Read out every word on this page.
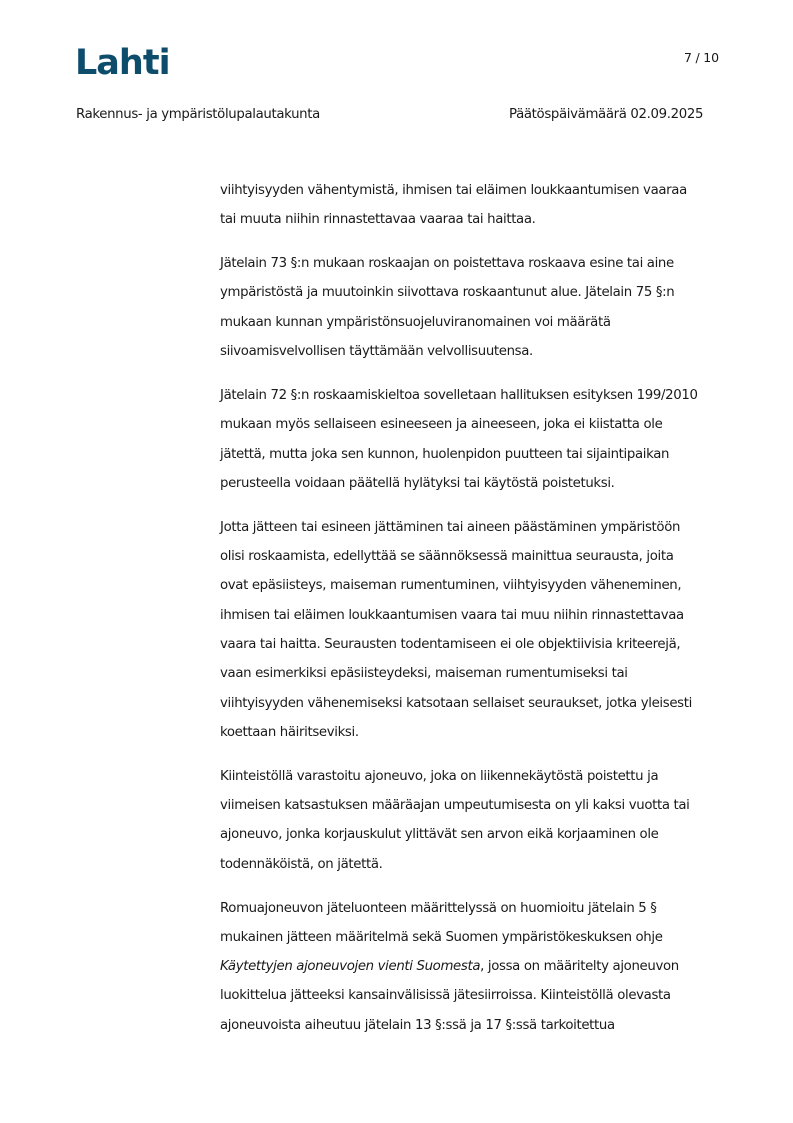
Lahti	7 / 10
Rakennus- ja ympäristölupalautakunta	Päätöspäivämäärä 02.09.2025

viihtyisyyden vähentymistä, ihmisen tai eläimen loukkaantumisen vaaraa
tai muuta niihin rinnastettavaa vaaraa tai haittaa.

Jätelain 73 §:n mukaan roskaajan on poistettava roskaava esine tai aine
ympäristöstä ja muutoinkin siivottava roskaantunut alue. Jätelain 75 §:n
mukaan kunnan ympäristönsuojeluviranomainen voi määrätä
siivoamisvelvollisen täyttämään velvollisuutensa.

Jätelain 72 §:n roskaamiskieltoa sovelletaan hallituksen esityksen 199/2010
mukaan myös sellaiseen esineeseen ja aineeseen, joka ei kiistatta ole
jätettä, mutta joka sen kunnon, huolenpidon puutteen tai sijaintipaikan
perusteella voidaan päätellä hylätyksi tai käytöstä poistetuksi.

Jotta jätteen tai esineen jättäminen tai aineen päästäminen ympäristöön
olisi roskaamista, edellyttää se säännöksessä mainittua seurausta, joita
ovat epäsiisteys, maiseman rumentuminen, viihtyisyyden väheneminen,
ihmisen tai eläimen loukkaantumisen vaara tai muu niihin rinnastettavaa
vaara tai haitta. Seurausten todentamiseen ei ole objektiivisia kriteerejä,
vaan esimerkiksi epäsiisteydeksi, maiseman rumentumiseksi tai
viihtyisyyden vähenemiseksi katsotaan sellaiset seuraukset, jotka yleisesti
koettaan häiritseviksi.

Kiinteistöllä varastoitu ajoneuvo, joka on liikennekäytöstä poistettu ja
viimeisen katsastuksen määräajan umpeutumisesta on yli kaksi vuotta tai
ajoneuvo, jonka korjauskulut ylittävät sen arvon eikä korjaaminen ole
todennäköistä, on jätettä.

Romuajoneuvon jäteluonteen määrittelyssä on huomioitu jätelain 5 §
mukainen jätteen määritelmä sekä Suomen ympäristökeskuksen ohje
Käytettyjen ajoneuvojen vienti Suomesta, jossa on määritelty ajoneuvon
luokittelua jätteeksi kansainvälisissä jätesiirroissa. Kiinteistöllä olevasta
ajoneuvoista aiheutuu jätelain 13 §:ssä ja 17 §:ssä tarkoitettua
